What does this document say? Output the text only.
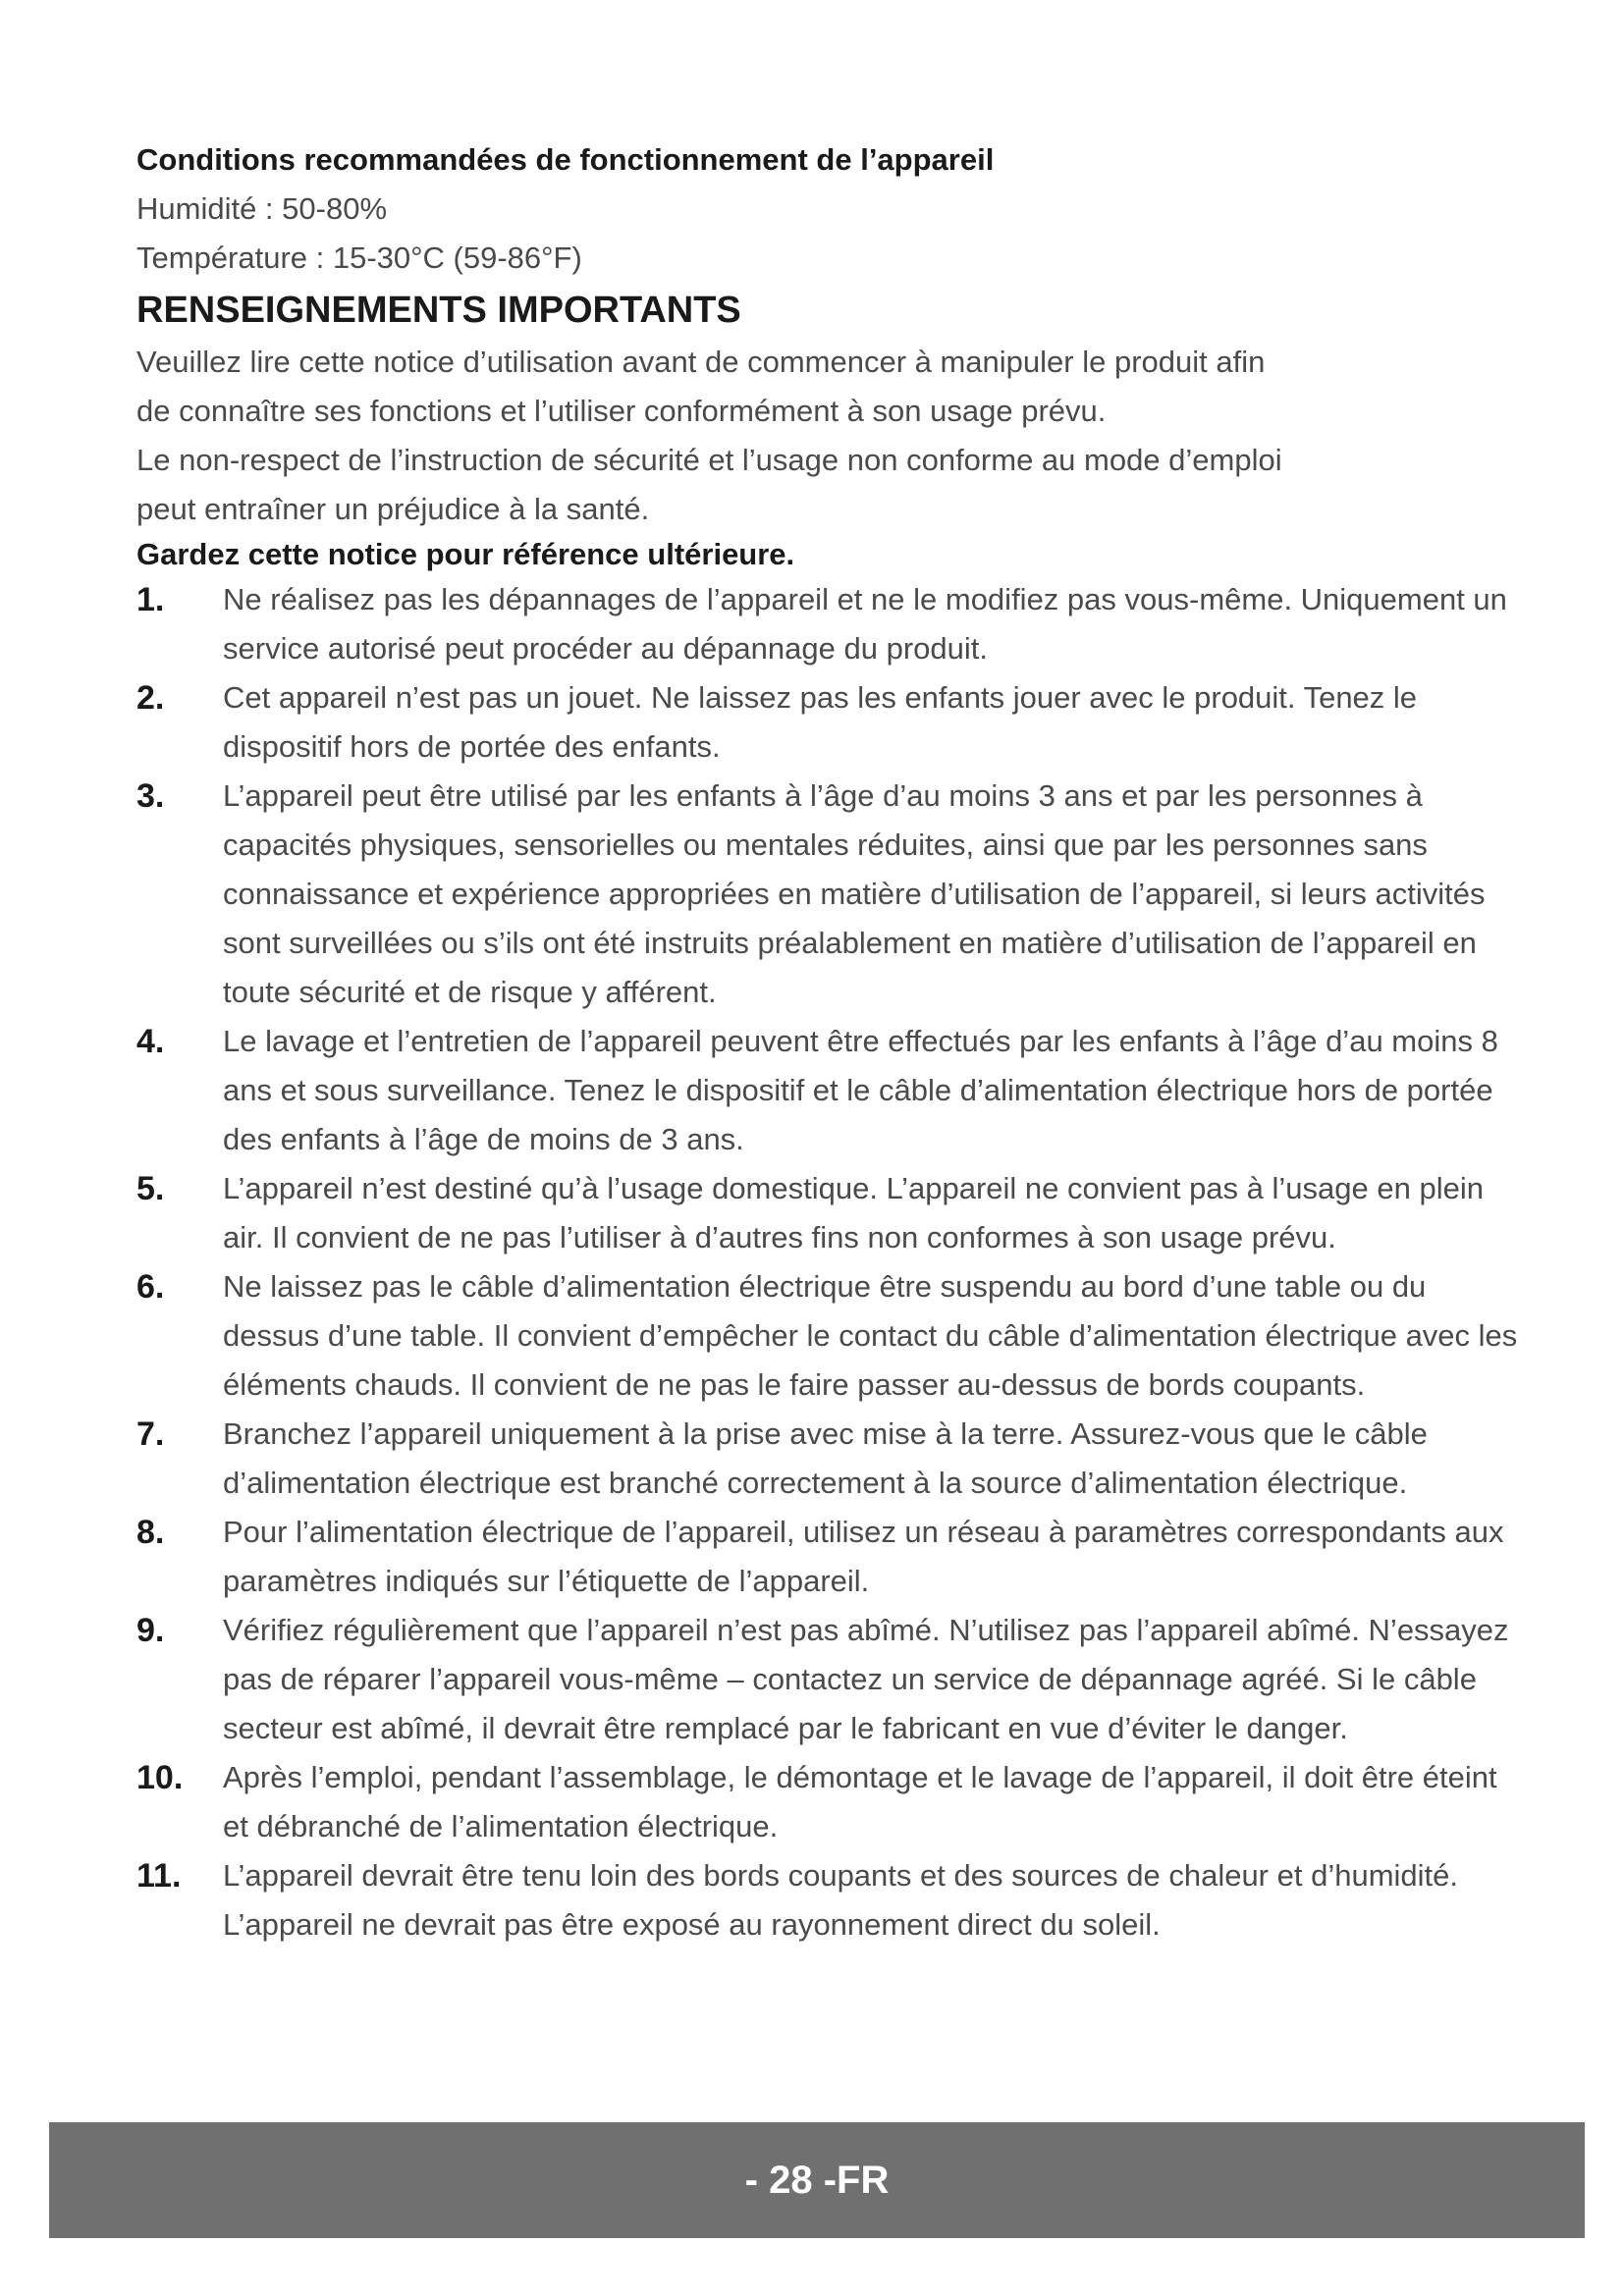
Conditions recommandées de fonctionnement de l’appareil
Humidité : 50-80%
Température : 15-30°C (59-86°F)
RENSEIGNEMENTS IMPORTANTS

Veuillez lire cette notice d’utilisation avant de commencer à manipuler le produit afin

de connaître ses fonctions et l’utiliser conformément à son usage prévu.

Le non-respect de l’instruction de sécurité et l’usage non conforme au mode d’emploi

peut entraîner un préjudice à la santé.

Gardez cette notice pour référence ultérieure.
1. Ne réalisez pas les dépannages de l’appareil et ne le modifiez pas vous-même. Uniquement un service autorisé peut procéder au dépannage du produit.
2. Cet appareil n’est pas un jouet. Ne laissez pas les enfants jouer avec le produit. Tenez le dispositif hors de portée des enfants.
3. L’appareil peut être utilisé par les enfants à l’âge d’au moins 3 ans et par les personnes à capacités physiques, sensorielles ou mentales réduites, ainsi que par les personnes sans connaissance et expérience appropriées en matière d’utilisation de l’appareil, si leurs activités sont surveillées ou s’ils ont été instruits préalablement en matière d’utilisation de l’appareil en toute sécurité et de risque y afférent.
4. Le lavage et l’entretien de l’appareil peuvent être effectués par les enfants à l’âge d’au moins 8 ans et sous surveillance. Tenez le dispositif et le câble d’alimentation électrique hors de portée des enfants à l’âge de moins de 3 ans.
5. L’appareil n’est destiné qu’à l’usage domestique. L’appareil ne convient pas à l’usage en plein air. Il convient de ne pas l’utiliser à d’autres fins non conformes à son usage prévu.
6. Ne laissez pas le câble d’alimentation électrique être suspendu au bord d’une table ou du dessus d’une table. Il convient d’empêcher le contact du câble d’alimentation électrique avec les éléments chauds. Il convient de ne pas le faire passer au-dessus de bords coupants.
7. Branchez l’appareil uniquement à la prise avec mise à la terre. Assurez-vous que le câble d’alimentation électrique est branché correctement à la source d’alimentation électrique.
8. Pour l’alimentation électrique de l’appareil, utilisez un réseau à paramètres correspondants aux paramètres indiqués sur l’étiquette de l’appareil.
9. Vérifiez régulièrement que l’appareil n’est pas abîmé. N’utilisez pas l’appareil abîmé. N’essayez pas de réparer l’appareil vous-même – contactez un service de dépannage agréé. Si le câble secteur est abîmé, il devrait être remplacé par le fabricant en vue d’éviter le danger.
10. Après l’emploi, pendant l’assemblage, le démontage et le lavage de l’appareil, il doit être éteint et débranché de l’alimentation électrique.
11. L’appareil devrait être tenu loin des bords coupants et des sources de chaleur et d’humidité. L’appareil ne devrait pas être exposé au rayonnement direct du soleil.
- 28 -FR
